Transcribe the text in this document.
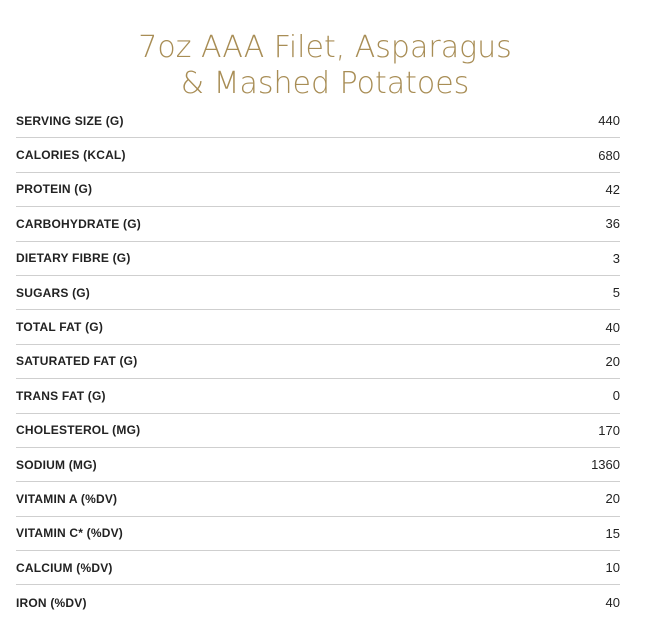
7oz AAA Filet, Asparagus
& Mashed Potatoes
SERVING SIZE (G)	440
CALORIES (KCAL)	680
PROTEIN (G)	42
CARBOHYDRATE (G)	36
DIETARY FIBRE (G)	3
SUGARS (G)	5
TOTAL FAT (G)	40
SATURATED FAT (G)	20
TRANS FAT (G)	0
CHOLESTEROL (MG)	170
SODIUM (MG)	1360
VITAMIN A (%DV)	20
VITAMIN C* (%DV)	15
CALCIUM (%DV)	10
IRON (%DV)	40
